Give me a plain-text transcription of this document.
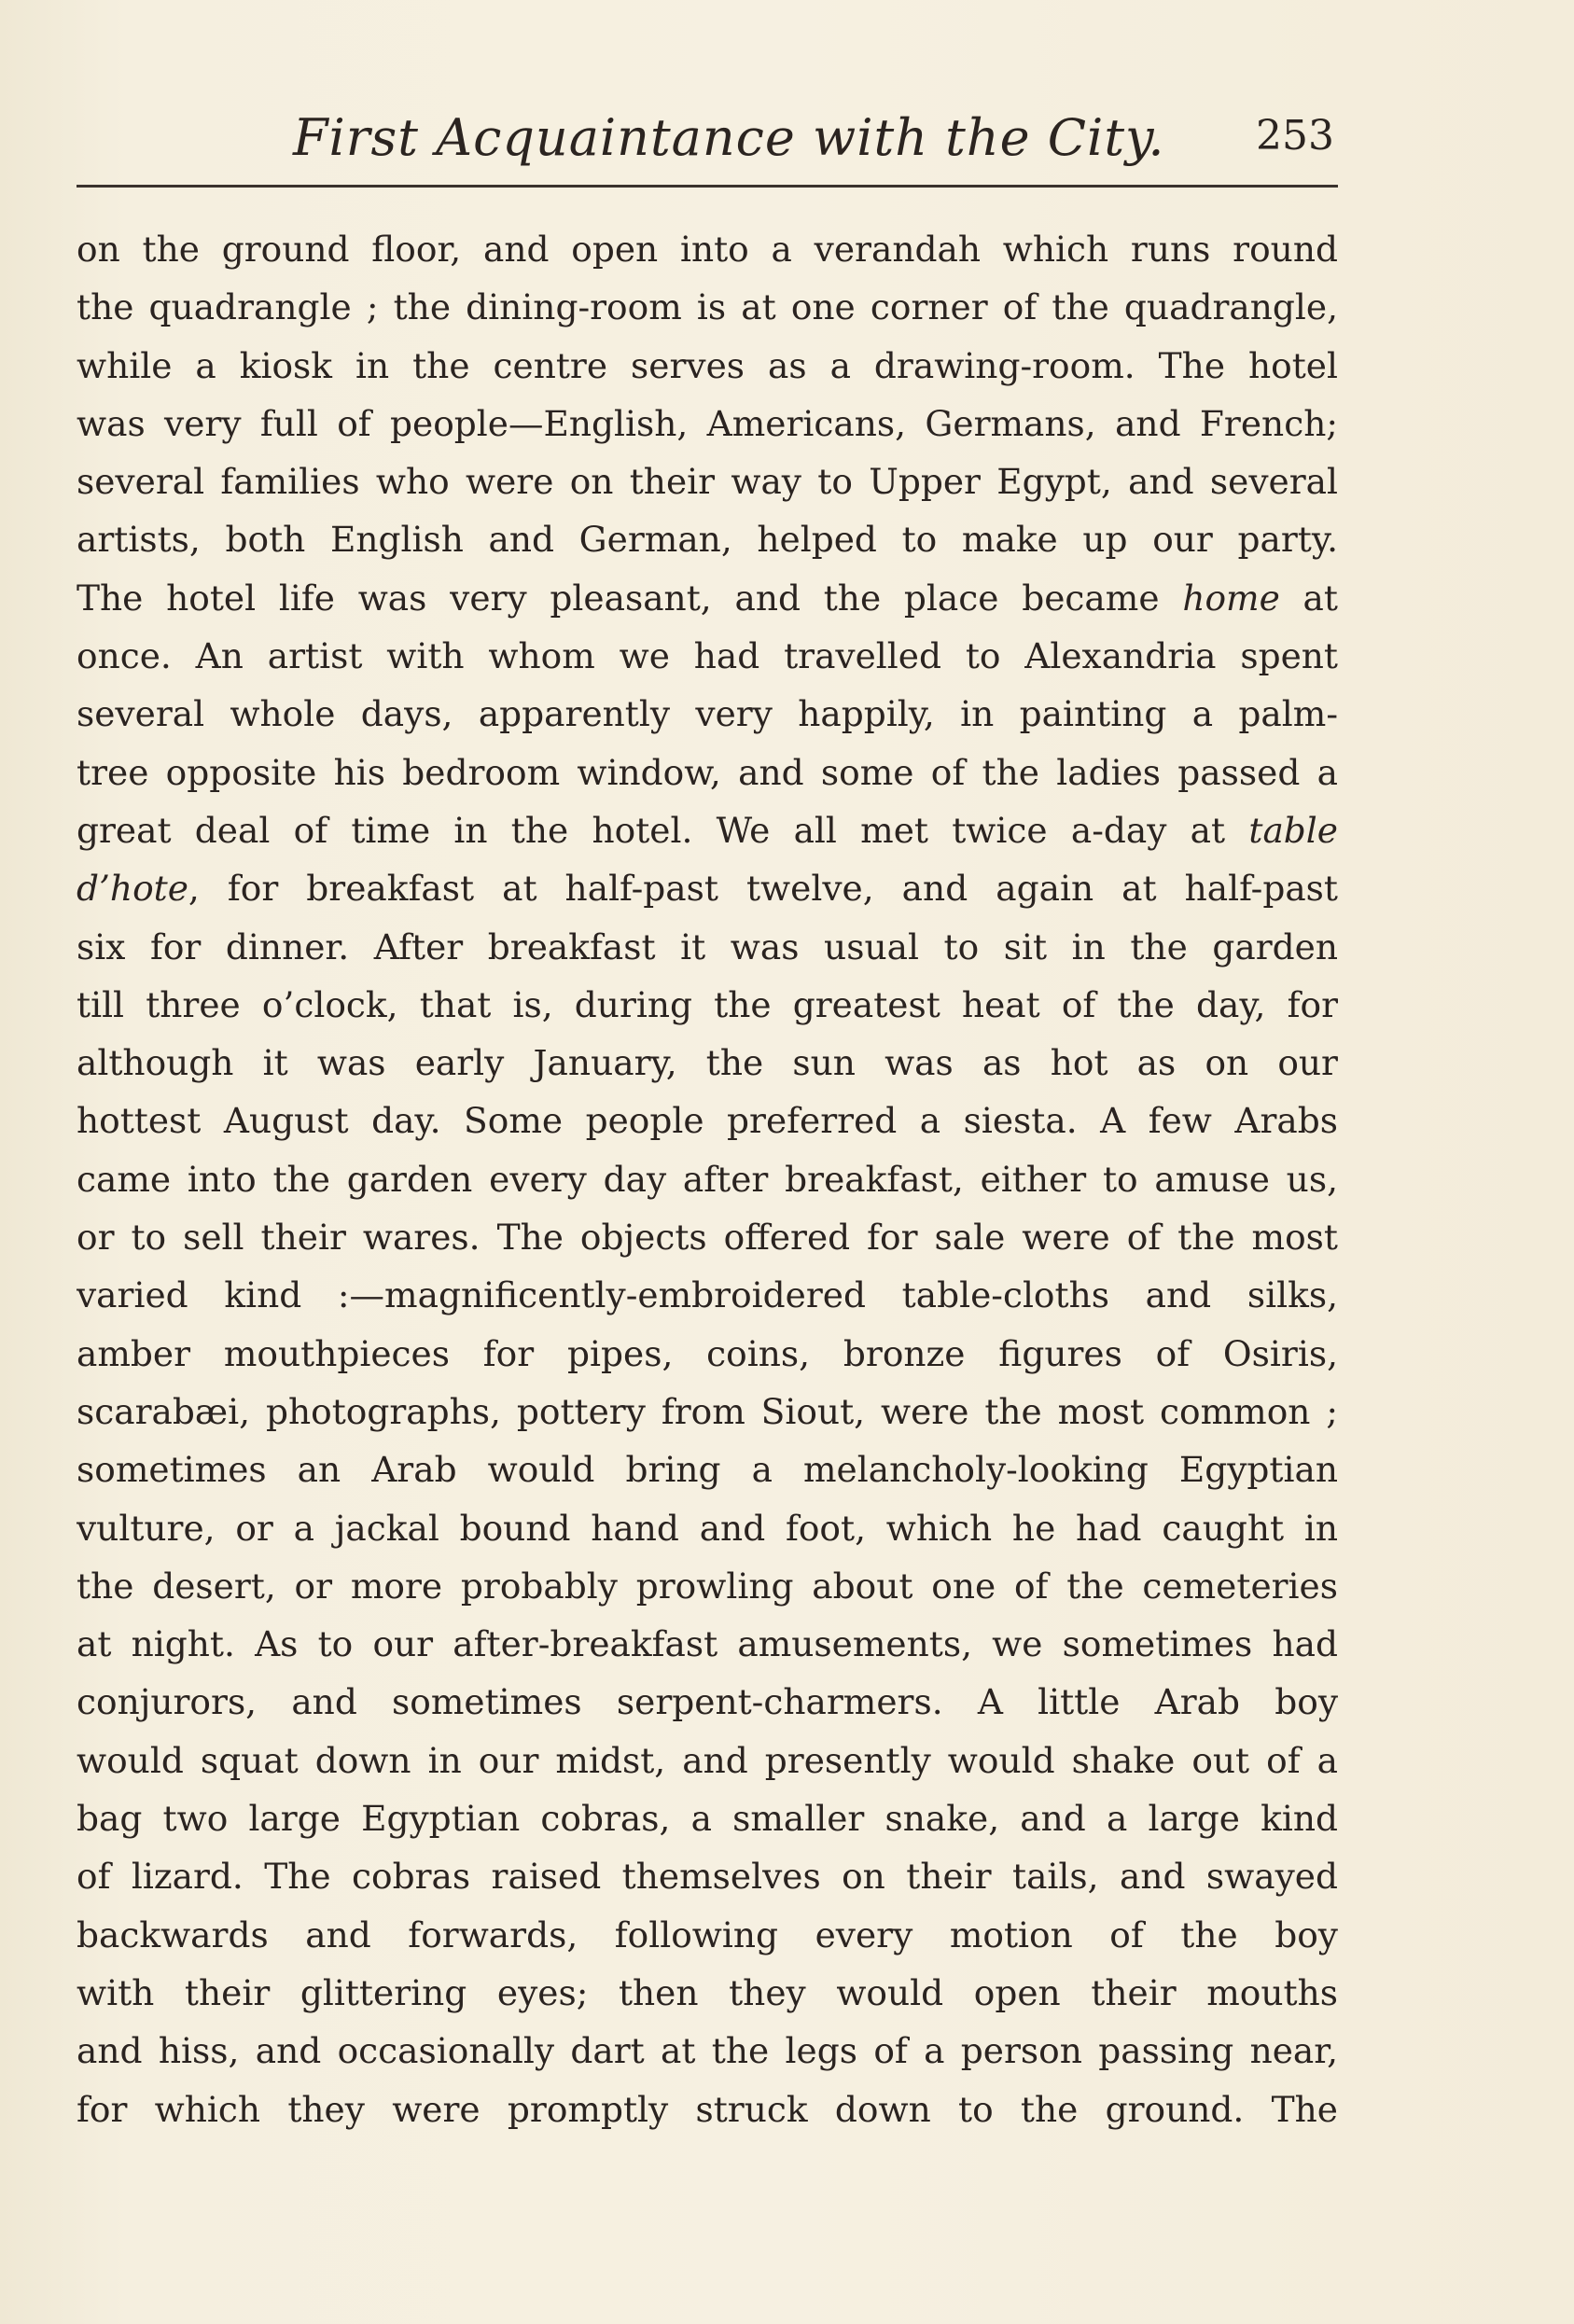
First Acquaintance with the City. 253
on the ground floor, and open into a verandah which runs round
the quadrangle ; the dining-room is at one corner of the quadrangle,
while a kiosk in the centre serves as a drawing-room. The hotel
was very full of people—English, Americans, Germans, and French;
several families who were on their way to Upper Egypt, and several
artists, both English and German, helped to make up our party.
The hotel life was very pleasant, and the place became home at
once. An artist with whom we had travelled to Alexandria spent
several whole days, apparently very happily, in painting a palm-
tree opposite his bedroom window, and some of the ladies passed a
great deal of time in the hotel. We all met twice a-day at table
d’hote, for breakfast at half-past twelve, and again at half-past
six for dinner. After breakfast it was usual to sit in the garden
till three o’clock, that is, during the greatest heat of the day, for
although it was early January, the sun was as hot as on our
hottest August day. Some people preferred a siesta. A few Arabs
came into the garden every day after breakfast, either to amuse us,
or to sell their wares. The objects offered for sale were of the most
varied kind :—magnificently-embroidered table-cloths and silks,
amber mouthpieces for pipes, coins, bronze figures of Osiris,
scarabæi, photographs, pottery from Siout, were the most common ;
sometimes an Arab would bring a melancholy-looking Egyptian
vulture, or a jackal bound hand and foot, which he had caught in
the desert, or more probably prowling about one of the cemeteries
at night. As to our after-breakfast amusements, we sometimes had
conjurors, and sometimes serpent-charmers. A little Arab boy
would squat down in our midst, and presently would shake out of a
bag two large Egyptian cobras, a smaller snake, and a large kind
of lizard. The cobras raised themselves on their tails, and swayed
backwards and forwards, following every motion of the boy
with their glittering eyes; then they would open their mouths
and hiss, and occasionally dart at the legs of a person passing near,
for which they were promptly struck down to the ground. The
